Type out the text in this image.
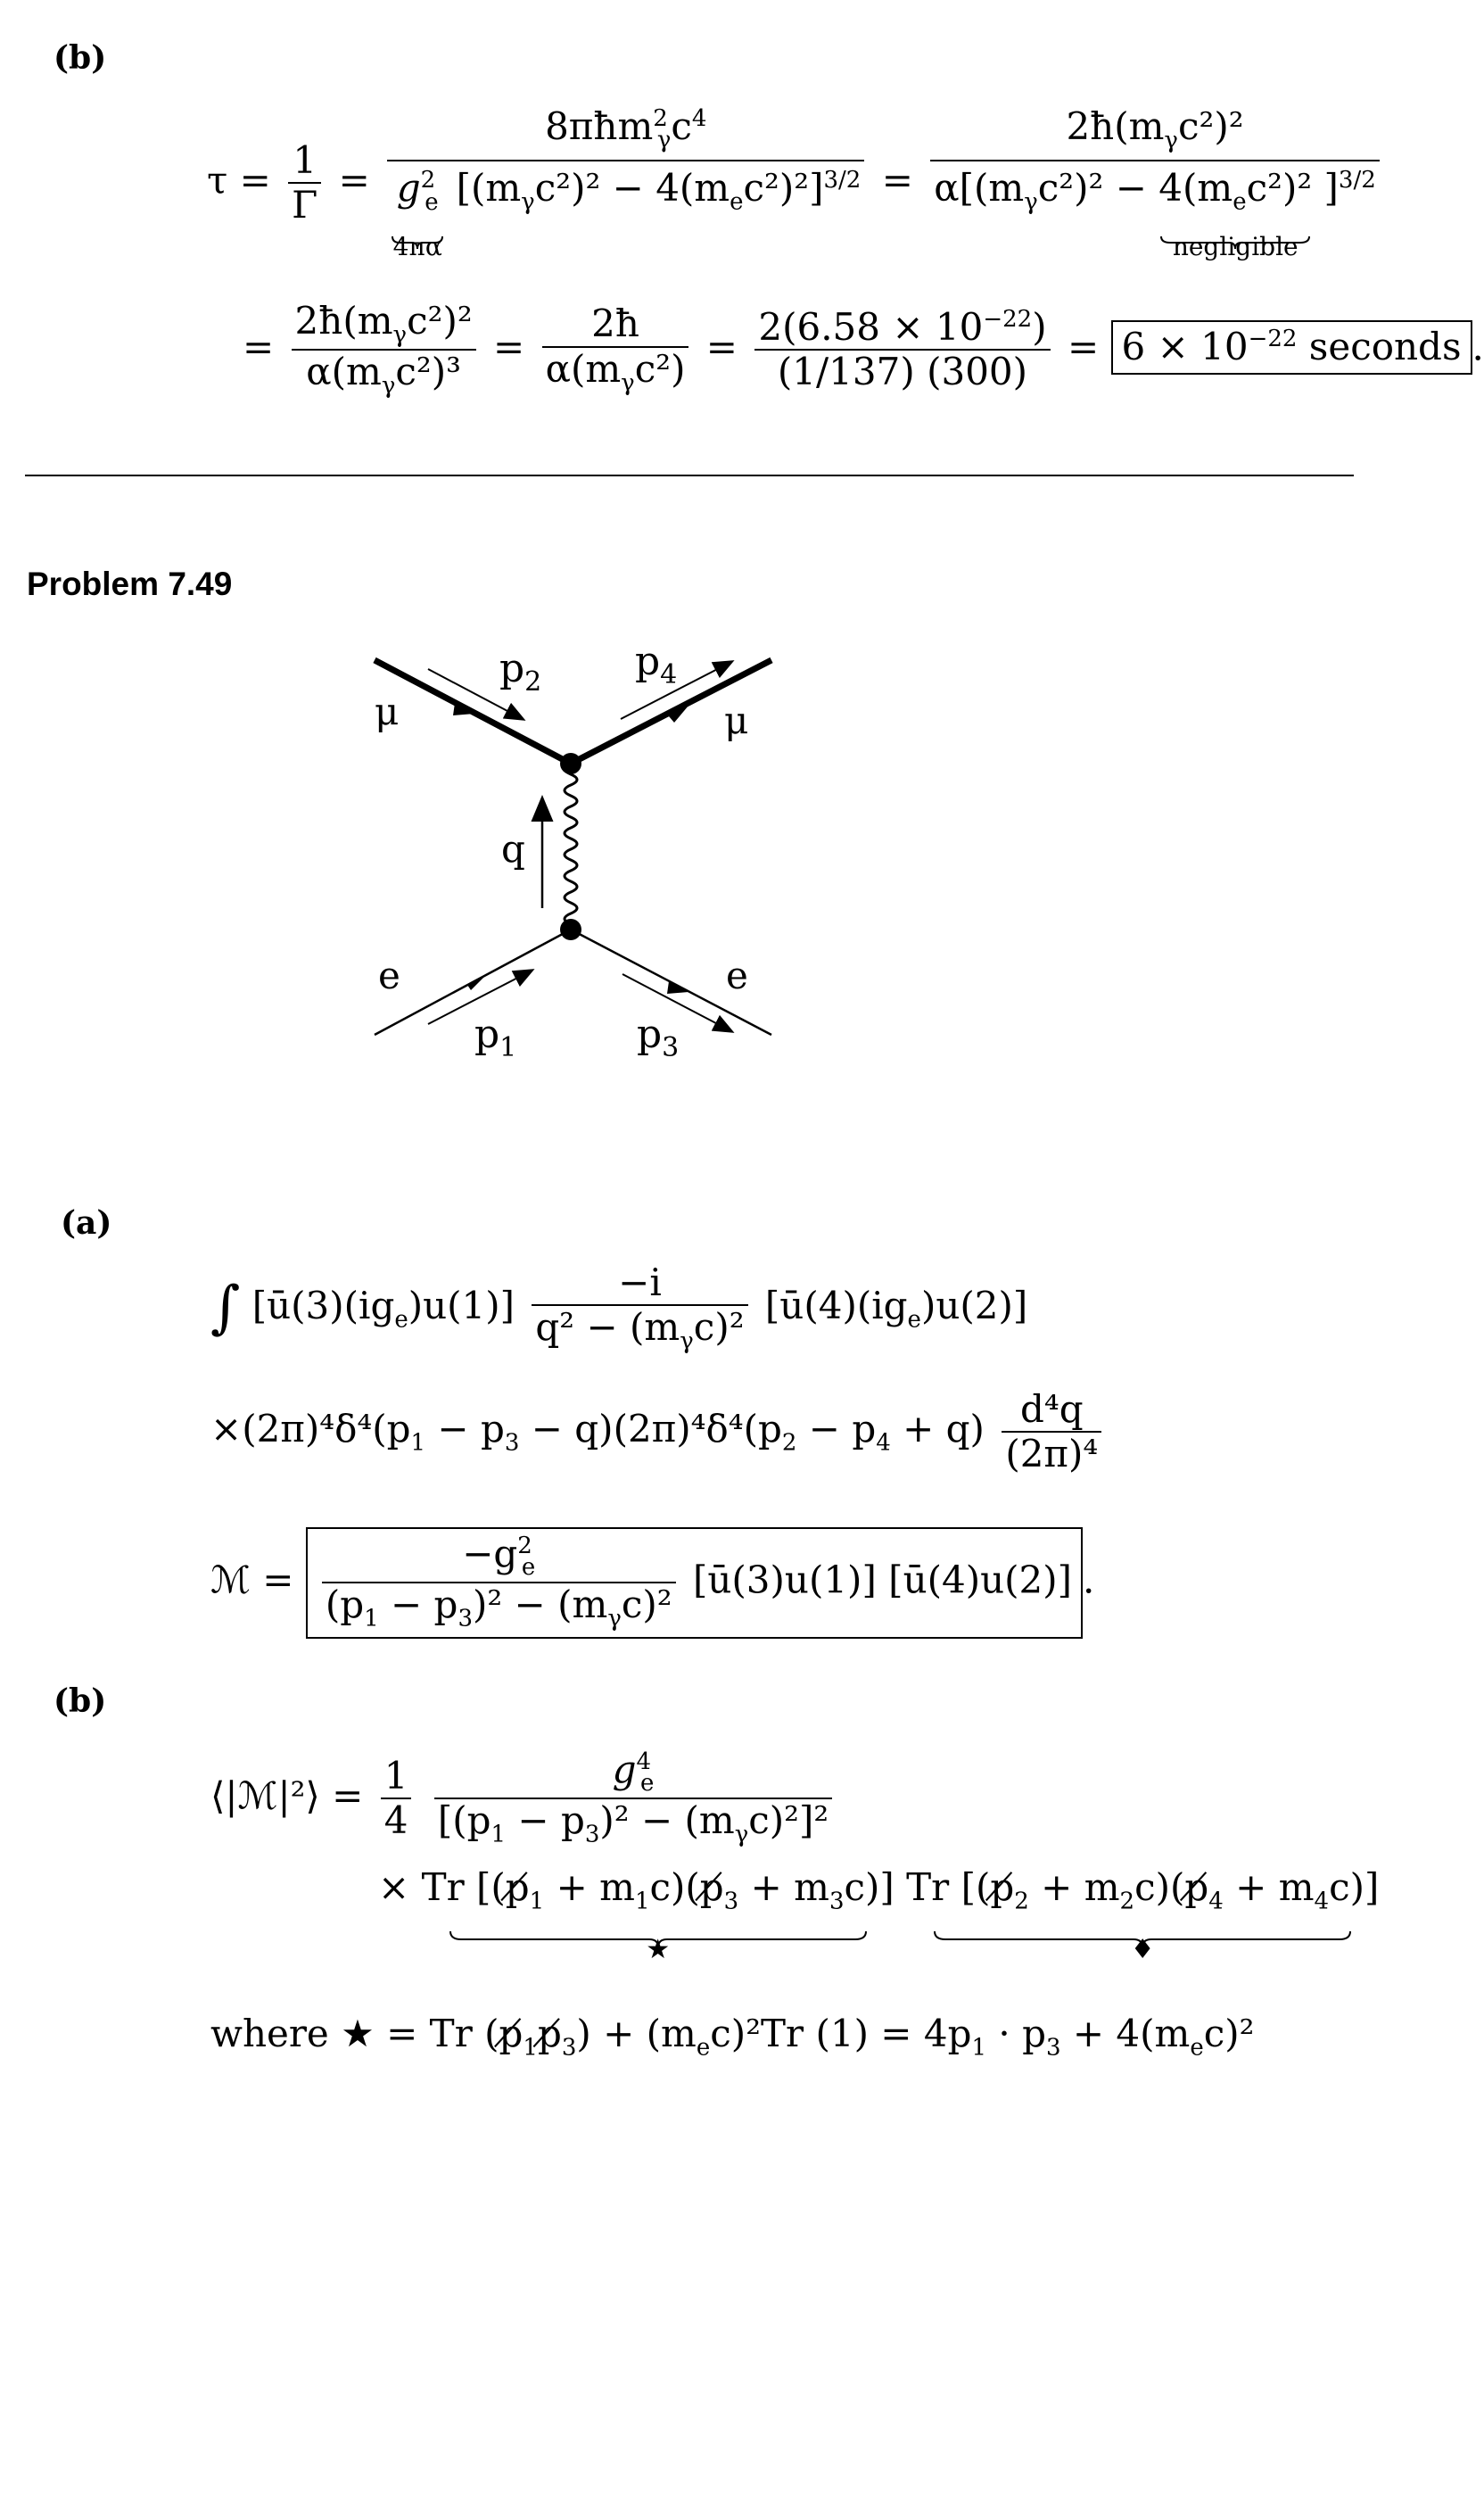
(b)
$\tau = \frac{1}{\Gamma}$ =
$8\pi ħm^2_\gamma c^4$
$g^2_e$
4πα
$[(m_\gamma c^2)^2 - 4(m_ec^2)^2]^{3/2}$ =
$2ħ(m_\gamma c^2)^2$
$\alpha[(m_\gamma c^2)^2 - 4(m_ec^2)^2$
negligible
]$^{3/2}$
= $\frac{2ħ(m_\gamma c^2)^2}{\alpha(m_\gamma c^2)^3} = \frac{2ħ}{\alpha(m_\gamma c^2)} = \frac{2(6.58 \times 10^{-22})}{(1/137) (300)} = 6 \times 10^{-22}$ seconds .
Problem 7.49
μ	μ
e	e
$p_2$ $p_4$
$p_1$	$p_3$
q
(a)
∫ $[ū(3)(ig_e)u(1)] \frac{-i}{q^2 - (m_\gamma c)^2}$ $[ū(4)(ig_e)u(2)]$
$\times(2\pi)^4\delta^4(p_1 - p_3 - q)(2\pi)^4\delta^4(p_2 - p_4 + q) \frac{\text{d⁴q}}{\text{(2π)⁴}}$
ℳ = $\frac{-g^2_e}{(p_1 - p_3)^2 - (m_\gamma c)^2}$ [ū(3)u(1)] [ū(4)u(2)] .
(b)
⟨|ℳ|²⟩ = $\frac{1}{4}$
$\frac{g^4_e}{[(p_1 - p_3)^2 - (m_\gamma c)^2]^2}$
× Tr [($p̸_1$ + $m_1c)(p̸_3 + m_3c)$]
★
Tr [($p̸_2$ + $m_2c)(p̸_4 + m_4c)$]
♦
where ★ = Tr $(p̸_1p̸_3) + (m_ec)^2Tr$ $(1) = 4p_1 \cdot p_3 + 4(m_ec)^2$
